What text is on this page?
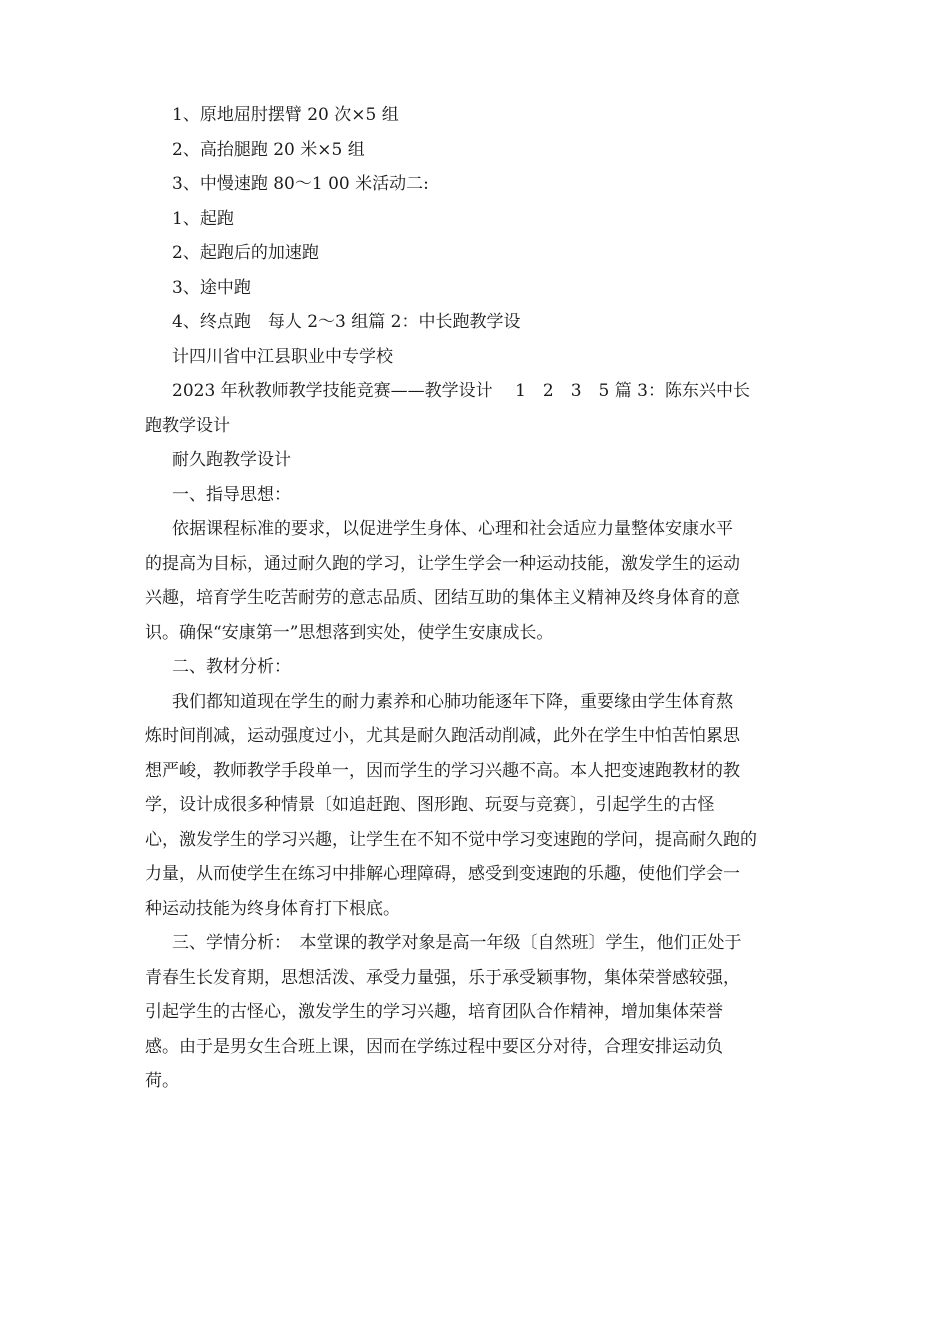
1、原地屈肘摆臂 20 次×5 组

2、高抬腿跑 20 米×5 组

3、中慢速跑 80～1 00 米活动二:

1、起跑

2、起跑后的加速跑

3、途中跑

4、终点跑　每人 2～3 组篇 2：中长跑教学设

计四川省中江县职业中专学校

2023 年秋教师教学技能竞赛——教学设计　 1　2　3　5 篇 3：陈东兴中长
跑教学设计

耐久跑教学设计

一、指导思想：

依据课程标准的要求，以促进学生身体、心理和社会适应力量整体安康水平
的提高为目标，通过耐久跑的学习，让学生学会一种运动技能，激发学生的运动
兴趣，培育学生吃苦耐劳的意志品质、团结互助的集体主义精神及终身体育的意
识。确保“安康第一”思想落到实处，使学生安康成长。

二、教材分析：

我们都知道现在学生的耐力素养和心肺功能逐年下降，重要缘由学生体育熬
炼时间削减，运动强度过小，尤其是耐久跑活动削减，此外在学生中怕苦怕累思
想严峻，教师教学手段单一，因而学生的学习兴趣不高。本人把变速跑教材的教
学，设计成很多种情景〔如追赶跑、图形跑、玩耍与竞赛〕，引起学生的古怪
心，激发学生的学习兴趣，让学生在不知不觉中学习变速跑的学问，提高耐久跑的
力量，从而使学生在练习中排解心理障碍，感受到变速跑的乐趣，使他们学会一
种运动技能为终身体育打下根底。
三、学情分析：　本堂课的教学对象是高一年级〔自然班〕学生，他们正处于
青春生长发育期，思想活泼、承受力量强，乐于承受颖事物，集体荣誉感较强，
引起学生的古怪心，激发学生的学习兴趣，培育团队合作精神，增加集体荣誉
感。由于是男女生合班上课，因而在学练过程中要区分对待，合理安排运动负
荷。
